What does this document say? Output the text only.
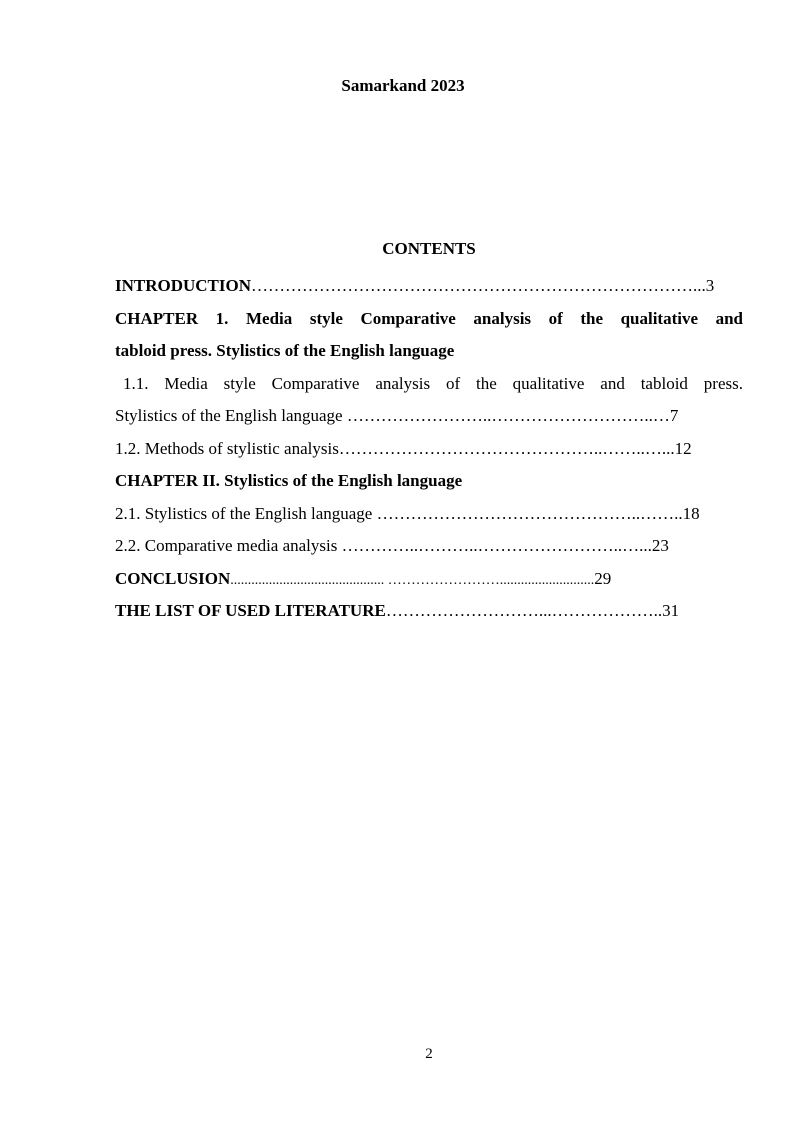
Samarkand 2023
CONTENTS
INTRODUCTION……………………………………………………………………...3
CHAPTER 1. Media style Comparative analysis of the qualitative and
tabloid press. Stylistics of the English language
1.1. Media style Comparative analysis of the qualitative and tabloid press.
Stylistics of the English language ……………………..………………………..…7
1.2. Methods of stylistic analysis………………………………………..……..…...12
CHAPTER II. Stylistics of the English language
2.1. Stylistics of the English language ………………………………………..……..18
2.2. Comparative media analysis …………..………..……………………..…...23
CONCLUSION............................................ ……………………...........................29
THE LIST OF USED LITERATURE………………………...………………..31
2
